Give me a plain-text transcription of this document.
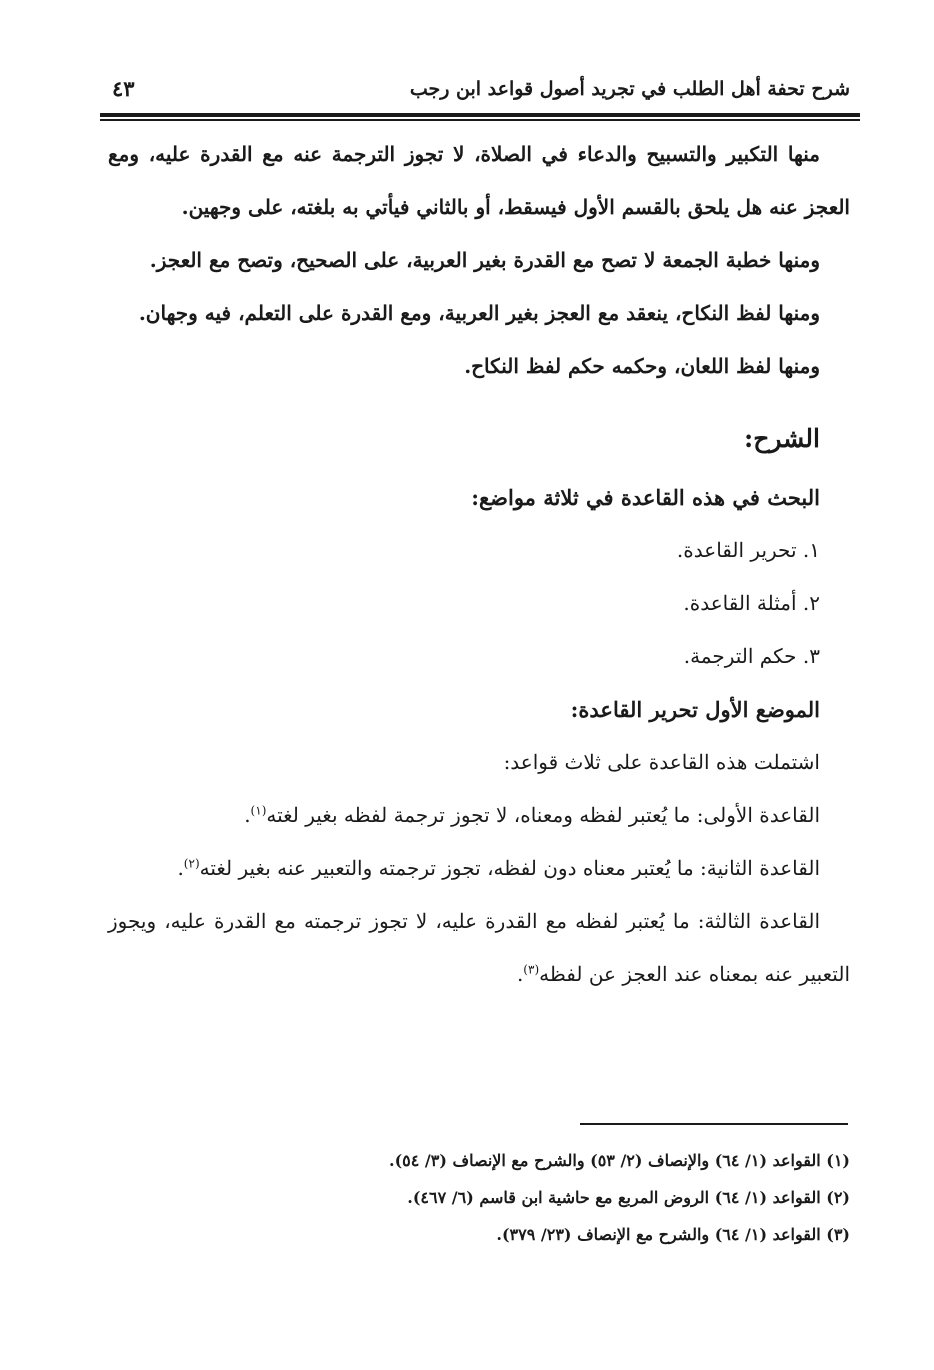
شرح تحفة أهل الطلب في تجريد أصول قواعد ابن رجب
٤٣

منها التكبير والتسبيح والدعاء في الصلاة، لا تجوز الترجمة عنه مع القدرة عليه، ومع العجز عنه هل يلحق بالقسم الأول فيسقط، أو بالثاني فيأتي به بلغته، على وجهين.

ومنها خطبة الجمعة لا تصح مع القدرة بغير العربية، على الصحيح، وتصح مع العجز.

ومنها لفظ النكاح، ينعقد مع العجز بغير العربية، ومع القدرة على التعلم، فيه وجهان.

ومنها لفظ اللعان، وحكمه حكم لفظ النكاح.

الشرح:
البحث في هذه القاعدة في ثلاثة مواضع:
١. تحرير القاعدة.
٢. أمثلة القاعدة.
٣. حكم الترجمة.
الموضع الأول تحرير القاعدة:

اشتملت هذه القاعدة على ثلاث قواعد:

القاعدة الأولى: ما يُعتبر لفظه ومعناه، لا تجوز ترجمة لفظه بغير لغته$^{(١)}$.

القاعدة الثانية: ما يُعتبر معناه دون لفظه، تجوز ترجمته والتعبير عنه بغير لغته$^{(٢)}$.

القاعدة الثالثة: ما يُعتبر لفظه مع القدرة عليه، لا تجوز ترجمته مع القدرة عليه، ويجوز التعبير عنه بمعناه عند العجز عن لفظه$^{(٣)}$.

(١) القواعد (١/ ٦٤) والإنصاف (٢/ ٥٣) والشرح مع الإنصاف (٣/ ٥٤).

(٢) القواعد (١/ ٦٤) الروض المربع مع حاشية ابن قاسم (٦/ ٤٦٧).

(٣) القواعد (١/ ٦٤) والشرح مع الإنصاف (٢٣/ ٣٧٩).
